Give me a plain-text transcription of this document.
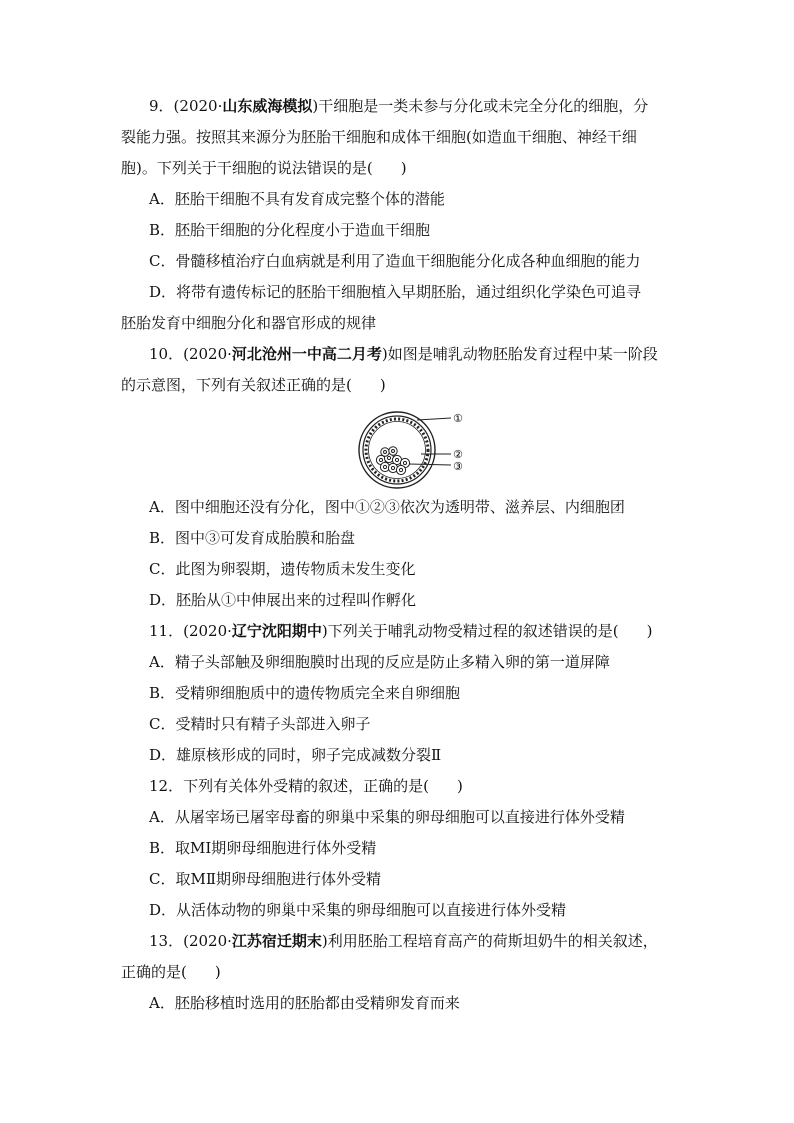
9．(2020·山东威海模拟)干细胞是一类未参与分化或未完全分化的细胞，分
裂能力强。按照其来源分为胚胎干细胞和成体干细胞(如造血干细胞、神经干细
胞)。下列关于干细胞的说法错误的是( )
A．胚胎干细胞不具有发育成完整个体的潜能
B．胚胎干细胞的分化程度小于造血干细胞
C．骨髓移植治疗白血病就是利用了造血干细胞能分化成各种血细胞的能力
D．将带有遗传标记的胚胎干细胞植入早期胚胎，通过组织化学染色可追寻
胚胎发育中细胞分化和器官形成的规律
10．(2020·河北沧州一中高二月考)如图是哺乳动物胚胎发育过程中某一阶段
的示意图，下列有关叙述正确的是( )
①
②
③
A．图中细胞还没有分化，图中①②③依次为透明带、滋养层、内细胞团
B．图中③可发育成胎膜和胎盘
C．此图为卵裂期，遗传物质未发生变化
D．胚胎从①中伸展出来的过程叫作孵化
11．(2020·辽宁沈阳期中)下列关于哺乳动物受精过程的叙述错误的是( )
A．精子头部触及卵细胞膜时出现的反应是防止多精入卵的第一道屏障
B．受精卵细胞质中的遗传物质完全来自卵细胞
C．受精时只有精子头部进入卵子
D．雄原核形成的同时，卵子完成减数分裂Ⅱ
12．下列有关体外受精的叙述，正确的是( )
A．从屠宰场已屠宰母畜的卵巢中采集的卵母细胞可以直接进行体外受精
B．取MⅠ期卵母细胞进行体外受精
C．取MⅡ期卵母细胞进行体外受精
D．从活体动物的卵巢中采集的卵母细胞可以直接进行体外受精
13．(2020·江苏宿迁期末)利用胚胎工程培育高产的荷斯坦奶牛的相关叙述，
正确的是( )
A．胚胎移植时选用的胚胎都由受精卵发育而来
